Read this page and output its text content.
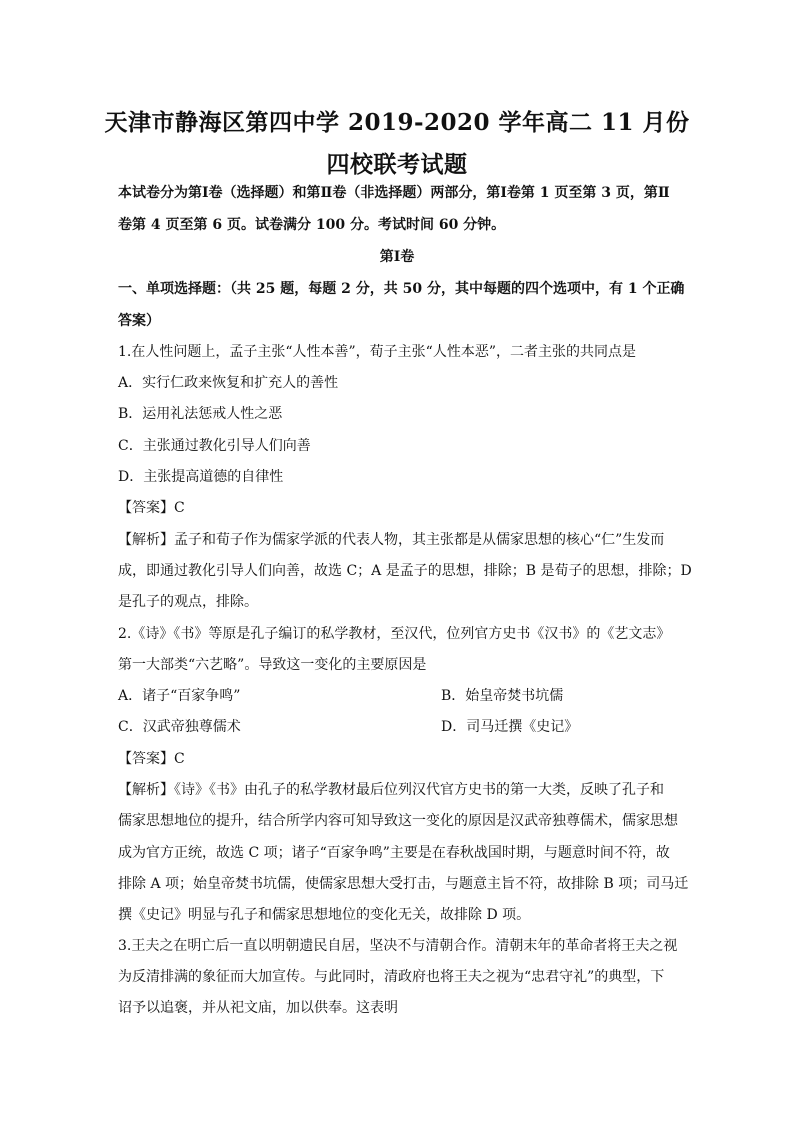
天津市静海区第四中学 2019-2020 学年高二 11 月份
四校联考试题
本试卷分为第Ⅰ卷（选择题）和第Ⅱ卷（非选择题）两部分，第Ⅰ卷第 1 页至第 3 页，第Ⅱ
卷第 4 页至第 6 页。试卷满分 100 分。考试时间 60 分钟。
第Ⅰ卷
一、单项选择题：（共 25 题，每题 2 分，共 50 分，其中每题的四个选项中，有 1 个正确
答案）
1.在人性问题上，孟子主张“人性本善”，荀子主张“人性本恶”，二者主张的共同点是
A．实行仁政来恢复和扩充人的善性
B．运用礼法惩戒人性之恶
C．主张通过教化引导人们向善
D．主张提高道德的自律性
【答案】C
【解析】孟子和荀子作为儒家学派的代表人物，其主张都是从儒家思想的核心“仁”生发而
成，即通过教化引导人们向善，故选 C；A 是孟子的思想，排除；B 是荀子的思想，排除；D
是孔子的观点，排除。
2.《诗》《书》等原是孔子编订的私学教材，至汉代，位列官方史书《汉书》的《艺文志》
第一大部类“六艺略”。导致这一变化的主要原因是
A．诸子“百家争鸣”	B．始皇帝焚书坑儒
C．汉武帝独尊儒术	D．司马迁撰《史记》
【答案】C
【解析】《诗》《书》由孔子的私学教材最后位列汉代官方史书的第一大类，反映了孔子和
儒家思想地位的提升，结合所学内容可知导致这一变化的原因是汉武帝独尊儒术，儒家思想
成为官方正统，故选 C 项；诸子“百家争鸣”主要是在春秋战国时期，与题意时间不符，故
排除 A 项；始皇帝焚书坑儒，使儒家思想大受打击，与题意主旨不符，故排除 B 项；司马迁
撰《史记》明显与孔子和儒家思想地位的变化无关，故排除 D 项。
3.王夫之在明亡后一直以明朝遗民自居，坚决不与清朝合作。清朝末年的革命者将王夫之视
为反清排满的象征而大加宣传。与此同时，清政府也将王夫之视为“忠君守礼”的典型，下
诏予以追褒，并从祀文庙，加以供奉。这表明
